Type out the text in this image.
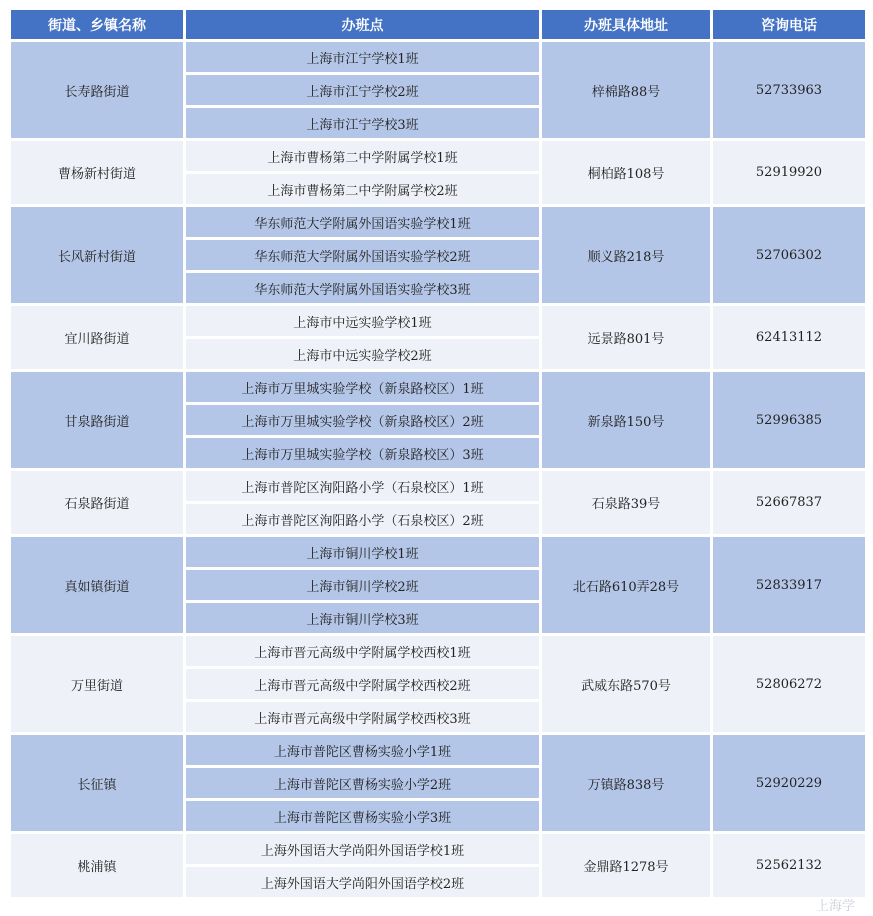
街道、乡镇名称	办班点	办班具体地址	咨询电话
长寿路街道	上海市江宁学校1班	梓棉路88号	52733963
	上海市江宁学校2班		
	上海市江宁学校3班		
曹杨新村街道	上海市曹杨第二中学附属学校1班	桐柏路108号	52919920
	上海市曹杨第二中学附属学校2班		
长风新村街道	华东师范大学附属外国语实验学校1班	顺义路218号	52706302
	华东师范大学附属外国语实验学校2班		
	华东师范大学附属外国语实验学校3班		
宜川路街道	上海市中远实验学校1班	远景路801号	62413112
	上海市中远实验学校2班		
甘泉路街道	上海市万里城实验学校（新泉路校区）1班	新泉路150号	52996385
	上海市万里城实验学校（新泉路校区）2班		
	上海市万里城实验学校（新泉路校区）3班		
石泉路街道	上海市普陀区洵阳路小学（石泉校区）1班	石泉路39号	52667837
	上海市普陀区洵阳路小学（石泉校区）2班		
真如镇街道	上海市铜川学校1班	北石路610弄28号	52833917
	上海市铜川学校2班		
	上海市铜川学校3班		
万里街道	上海市晋元高级中学附属学校西校1班	武威东路570号	52806272
	上海市晋元高级中学附属学校西校2班		
	上海市晋元高级中学附属学校西校3班		
长征镇	上海市普陀区曹杨实验小学1班	万镇路838号	52920229
	上海市普陀区曹杨实验小学2班		
	上海市普陀区曹杨实验小学3班		
桃浦镇	上海外国语大学尚阳外国语学校1班	金鼎路1278号	52562132
	上海外国语大学尚阳外国语学校2班		
上海学
